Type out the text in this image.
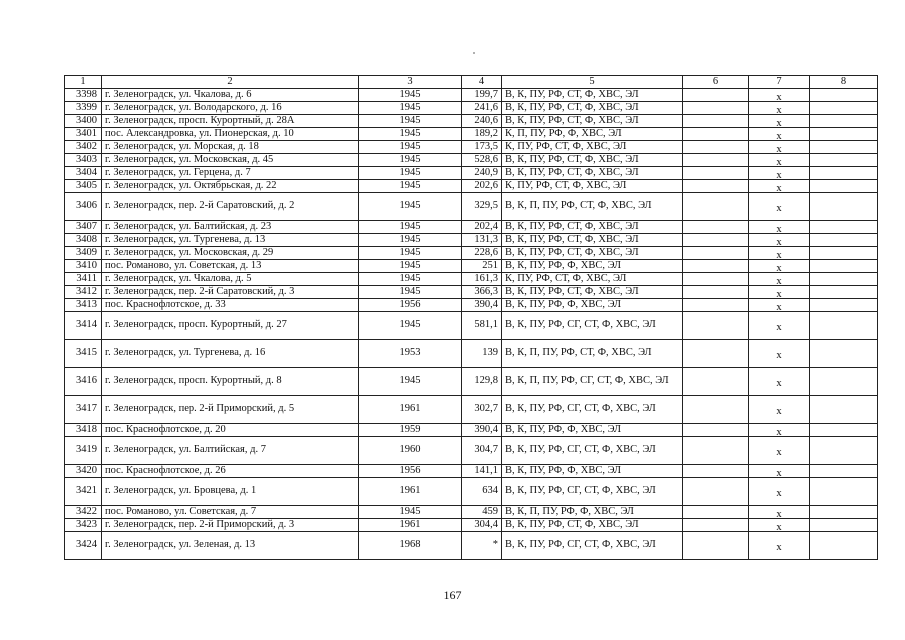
1	2	3	4	5	6	7	8
3398	г. Зеленоградск, ул. Чкалова, д. 6	1945	199,7	В, К, ПУ, РФ, СТ, Ф, ХВС, ЭЛ		x	
3399	г. Зеленоградск, ул. Володарского, д. 16	1945	241,6	В, К, ПУ, РФ, СТ, Ф, ХВС, ЭЛ		x	
3400	г. Зеленоградск, просп. Курортный, д. 28А	1945	240,6	В, К, ПУ, РФ, СТ, Ф, ХВС, ЭЛ		x	
3401	пос. Александровка, ул. Пионерская, д. 10	1945	189,2	К, П, ПУ, РФ, Ф, ХВС, ЭЛ		x	
3402	г. Зеленоградск, ул. Морская, д. 18	1945	173,5	К, ПУ, РФ, СТ, Ф, ХВС, ЭЛ		x	
3403	г. Зеленоградск, ул. Московская, д. 45	1945	528,6	В, К, ПУ, РФ, СТ, Ф, ХВС, ЭЛ		x	
3404	г. Зеленоградск, ул. Герцена, д. 7	1945	240,9	В, К, ПУ, РФ, СТ, Ф, ХВС, ЭЛ		x	
3405	г. Зеленоградск, ул. Октябрьская, д. 22	1945	202,6	К, ПУ, РФ, СТ, Ф, ХВС, ЭЛ		x	
3406	г. Зеленоградск, пер. 2-й Саратовский, д. 2	1945	329,5	В, К, П, ПУ, РФ, СТ, Ф, ХВС, ЭЛ		x	
3407	г. Зеленоградск, ул. Балтийская, д. 23	1945	202,4	В, К, ПУ, РФ, СТ, Ф, ХВС, ЭЛ		x	
3408	г. Зеленоградск, ул. Тургенева, д. 13	1945	131,3	В, К, ПУ, РФ, СТ, Ф, ХВС, ЭЛ		x	
3409	г. Зеленоградск, ул. Московская, д. 29	1945	228,6	В, К, ПУ, РФ, СТ, Ф, ХВС, ЭЛ		x	
3410	пос. Романово, ул. Советская, д. 13	1945	251	В, К, ПУ, РФ, Ф, ХВС, ЭЛ		x	
3411	г. Зеленоградск, ул. Чкалова, д. 5	1945	161,3	К, ПУ, РФ, СТ, Ф, ХВС, ЭЛ		x	
3412	г. Зеленоградск, пер. 2-й Саратовский, д. 3	1945	366,3	В, К, ПУ, РФ, СТ, Ф, ХВС, ЭЛ		x	
3413	пос. Краснофлотское, д. 33	1956	390,4	В, К, ПУ, РФ, Ф, ХВС, ЭЛ		x	
3414	г. Зеленоградск, просп. Курортный, д. 27	1945	581,1	В, К, ПУ, РФ, СГ, СТ, Ф, ХВС, ЭЛ		x	
3415	г. Зеленоградск, ул. Тургенева, д. 16	1953	139	В, К, П, ПУ, РФ, СТ, Ф, ХВС, ЭЛ		x	
3416	г. Зеленоградск, просп. Курортный, д. 8	1945	129,8	В, К, П, ПУ, РФ, СГ, СТ, Ф, ХВС, ЭЛ		x	
3417	г. Зеленоградск, пер. 2-й Приморский, д. 5	1961	302,7	В, К, ПУ, РФ, СГ, СТ, Ф, ХВС, ЭЛ		x	
3418	пос. Краснофлотское, д. 20	1959	390,4	В, К, ПУ, РФ, Ф, ХВС, ЭЛ		x	
3419	г. Зеленоградск, ул. Балтийская, д. 7	1960	304,7	В, К, ПУ, РФ, СГ, СТ, Ф, ХВС, ЭЛ		x	
3420	пос. Краснофлотское, д. 26	1956	141,1	В, К, ПУ, РФ, Ф, ХВС, ЭЛ		x	
3421	г. Зеленоградск, ул. Бровцева, д. 1	1961	634	В, К, ПУ, РФ, СГ, СТ, Ф, ХВС, ЭЛ		x	
3422	пос. Романово, ул. Советская, д. 7	1945	459	В, К, П, ПУ, РФ, Ф, ХВС, ЭЛ		x	
3423	г. Зеленоградск, пер. 2-й Приморский, д. 3	1961	304,4	В, К, ПУ, РФ, СТ, Ф, ХВС, ЭЛ		x	
3424	г. Зеленоградск, ул. Зеленая, д. 13	1968	*	В, К, ПУ, РФ, СГ, СТ, Ф, ХВС, ЭЛ		x	
167
